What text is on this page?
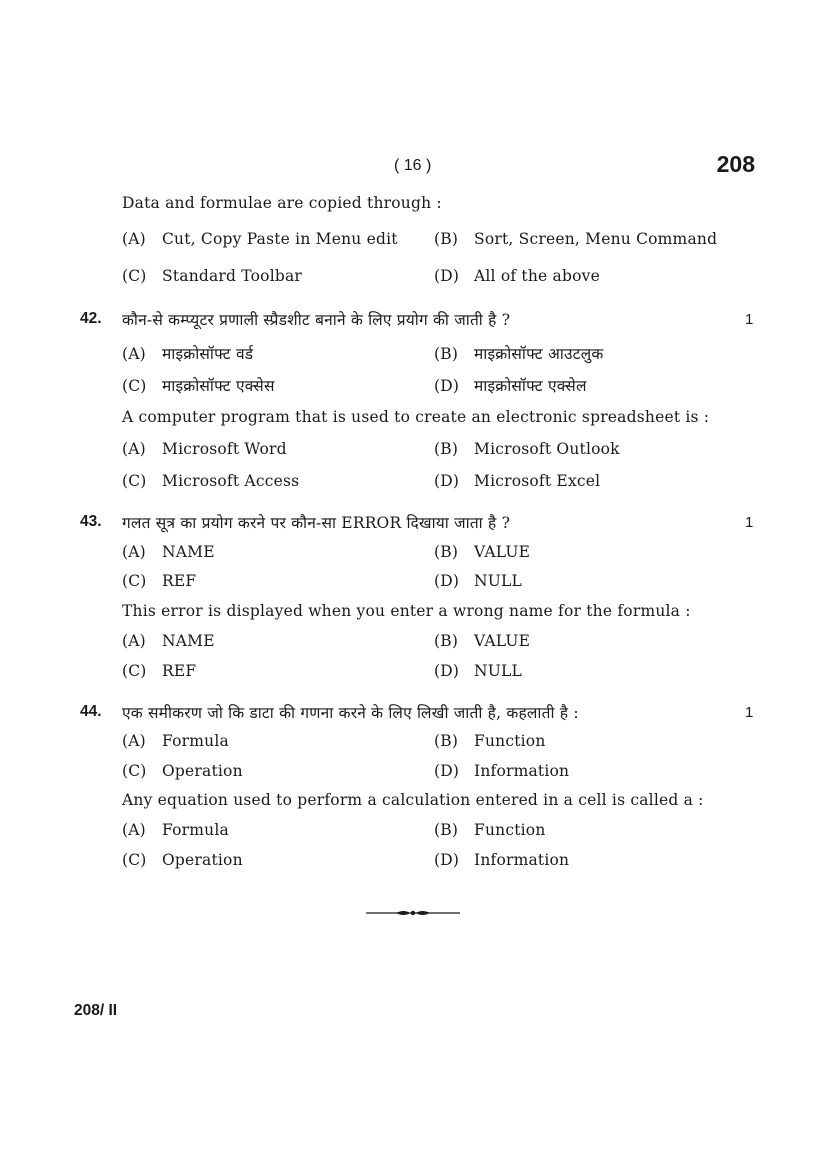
( 16 )	208
Data and formulae are copied through :
(A) Cut, Copy Paste in Menu edit (B) Sort, Screen, Menu Command
(C) Standard Toolbar	(D) All of the above
42. कौन-से कम्प्यूटर प्रणाली स्प्रैडशीट बनाने के लिए प्रयोग की जाती है ?	1
(A) माइक्रोसॉफ्ट वर्ड	(B) माइक्रोसॉफ्ट आउटलुक
(C) माइक्रोसॉफ्ट एक्सेस	(D) माइक्रोसॉफ्ट एक्सेल
A computer program that is used to create an electronic spreadsheet is :
(A) Microsoft Word	(B) Microsoft Outlook
(C) Microsoft Access	(D) Microsoft Excel
43. गलत सूत्र का प्रयोग करने पर कौन-सा ERROR दिखाया जाता है ?	1
(A) NAME	(B) VALUE
(C) REF	(D) NULL
This error is displayed when you enter a wrong name for the formula :
(A) NAME	(B) VALUE
(C) REF	(D) NULL
44. एक समीकरण जो कि डाटा की गणना करने के लिए लिखी जाती है, कहलाती है :	1
(A) Formula	(B) Function
(C) Operation	(D) Information
Any equation used to perform a calculation entered in a cell is called a :
(A) Formula	(B) Function
(C) Operation	(D) Information
208/ II
